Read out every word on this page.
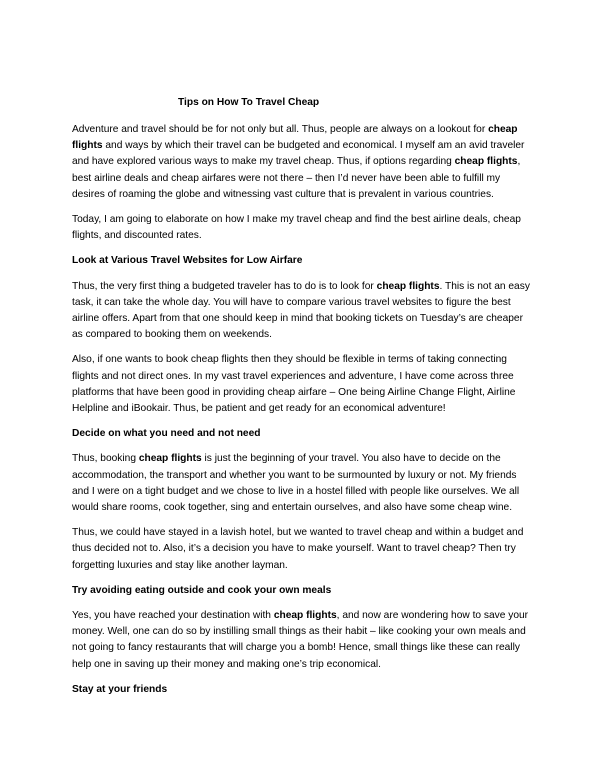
Tips on How To Travel Cheap

Adventure and travel should be for not only but all. Thus, people are always on a lookout for cheap flights and ways by which their travel can be budgeted and economical. I myself am an avid traveler and have explored various ways to make my travel cheap. Thus, if options regarding cheap flights, best airline deals and cheap airfares were not there – then I’d never have been able to fulfill my desires of roaming the globe and witnessing vast culture that is prevalent in various countries.

Today, I am going to elaborate on how I make my travel cheap and find the best airline deals, cheap flights, and discounted rates.

Look at Various Travel Websites for Low Airfare

Thus, the very first thing a budgeted traveler has to do is to look for cheap flights. This is not an easy task, it can take the whole day. You will have to compare various travel websites to figure the best airline offers. Apart from that one should keep in mind that booking tickets on Tuesday’s are cheaper as compared to booking them on weekends.

Also, if one wants to book cheap flights then they should be flexible in terms of taking connecting flights and not direct ones. In my vast travel experiences and adventure, I have come across three platforms that have been good in providing cheap airfare – One being Airline Change Flight, Airline Helpline and iBookair. Thus, be patient and get ready for an economical adventure!

Decide on what you need and not need

Thus, booking cheap flights is just the beginning of your travel. You also have to decide on the accommodation, the transport and whether you want to be surmounted by luxury or not. My friends and I were on a tight budget and we chose to live in a hostel filled with people like ourselves. We all would share rooms, cook together, sing and entertain ourselves, and also have some cheap wine.

Thus, we could have stayed in a lavish hotel, but we wanted to travel cheap and within a budget and thus decided not to. Also, it’s a decision you have to make yourself. Want to travel cheap? Then try forgetting luxuries and stay like another layman.

Try avoiding eating outside and cook your own meals

Yes, you have reached your destination with cheap flights, and now are wondering how to save your money. Well, one can do so by instilling small things as their habit – like cooking your own meals and not going to fancy restaurants that will charge you a bomb! Hence, small things like these can really help one in saving up their money and making one’s trip economical.

Stay at your friends
